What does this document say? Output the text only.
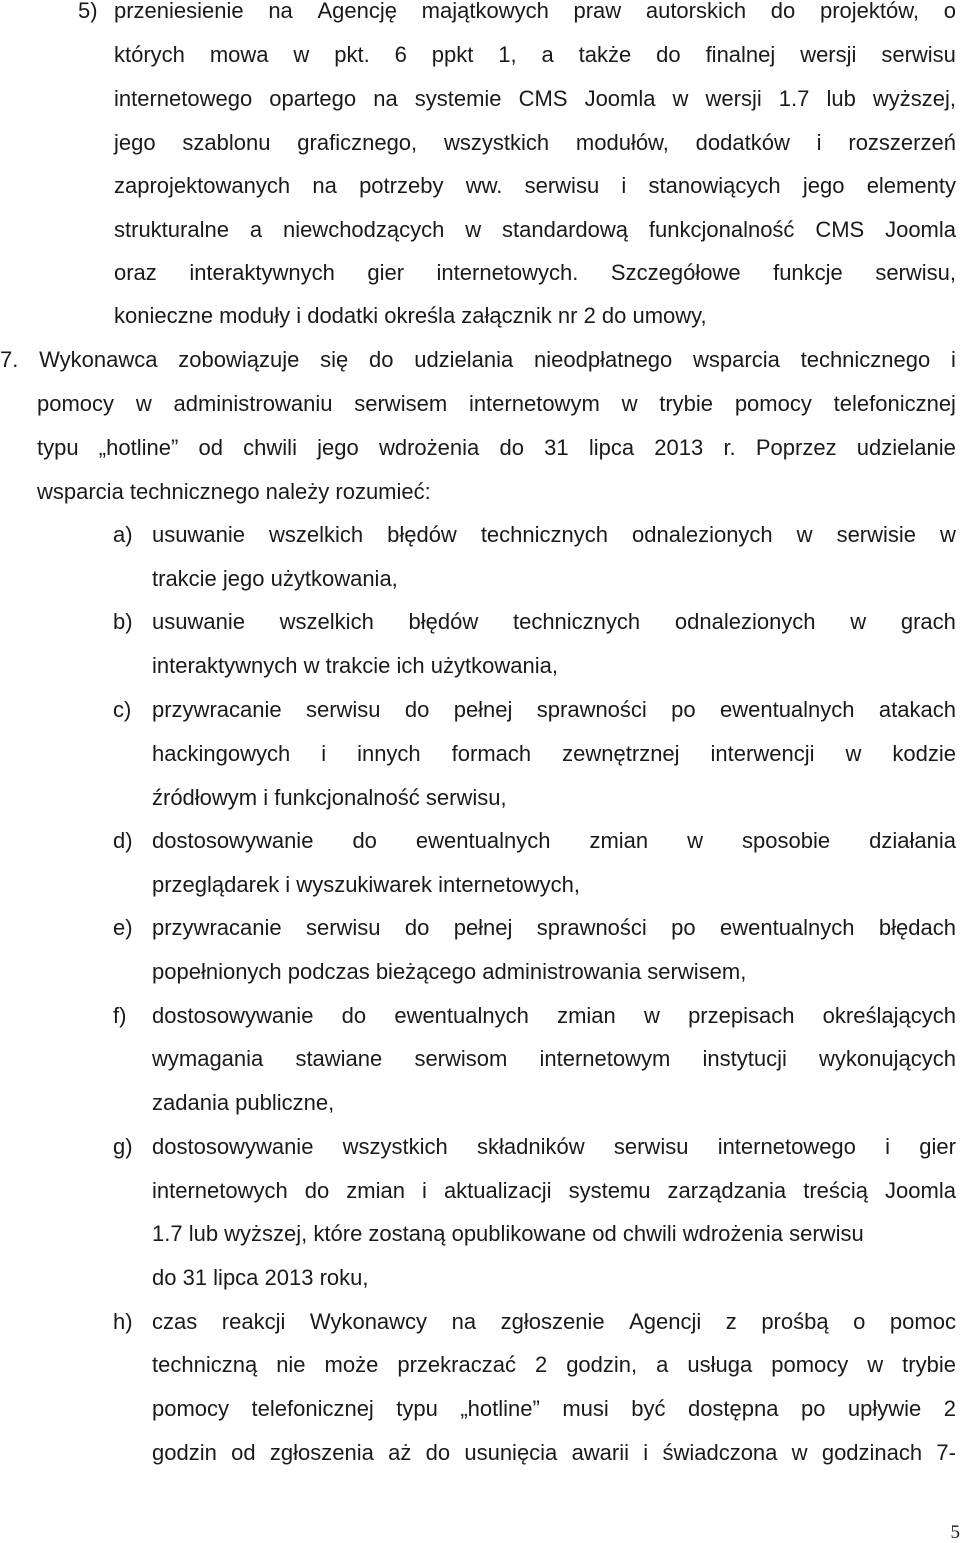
5) przeniesienie na Agencję majątkowych praw autorskich do projektów, o
których mowa w pkt. 6 ppkt 1, a także do finalnej wersji serwisu
internetowego opartego na systemie CMS Joomla w wersji 1.7 lub wyższej,
jego szablonu graficznego, wszystkich modułów, dodatków i rozszerzeń
zaprojektowanych na potrzeby ww. serwisu i stanowiących jego elementy
strukturalne a niewchodzących w standardową funkcjonalność CMS Joomla
oraz interaktywnych gier internetowych. Szczegółowe funkcje serwisu,
konieczne moduły i dodatki określa załącznik nr 2 do umowy,
7. Wykonawca zobowiązuje się do udzielania nieodpłatnego wsparcia technicznego i
pomocy w administrowaniu serwisem internetowym w trybie pomocy telefonicznej
typu „hotline” od chwili jego wdrożenia do 31 lipca 2013 r. Poprzez udzielanie
wsparcia technicznego należy rozumieć:
a) usuwanie wszelkich błędów technicznych odnalezionych w serwisie w
trakcie jego użytkowania,
b) usuwanie wszelkich błędów technicznych odnalezionych w grach
interaktywnych w trakcie ich użytkowania,
c) przywracanie serwisu do pełnej sprawności po ewentualnych atakach
hackingowych i innych formach zewnętrznej interwencji w kodzie
źródłowym i funkcjonalność serwisu,
d) dostosowywanie do ewentualnych zmian w sposobie działania
przeglądarek i wyszukiwarek internetowych,
e) przywracanie serwisu do pełnej sprawności po ewentualnych błędach
popełnionych podczas bieżącego administrowania serwisem,
f) dostosowywanie do ewentualnych zmian w przepisach określających
wymagania stawiane serwisom internetowym instytucji wykonujących
zadania publiczne,
g) dostosowywanie wszystkich składników serwisu internetowego i gier
internetowych do zmian i aktualizacji systemu zarządzania treścią Joomla
1.7 lub wyższej, które zostaną opublikowane od chwili wdrożenia serwisu
do 31 lipca 2013 roku,
h) czas reakcji Wykonawcy na zgłoszenie Agencji z prośbą o pomoc
techniczną nie może przekraczać 2 godzin, a usługa pomocy w trybie
pomocy telefonicznej typu „hotline” musi być dostępna po upływie 2
godzin od zgłoszenia aż do usunięcia awarii i świadczona w godzinach 7-
5
